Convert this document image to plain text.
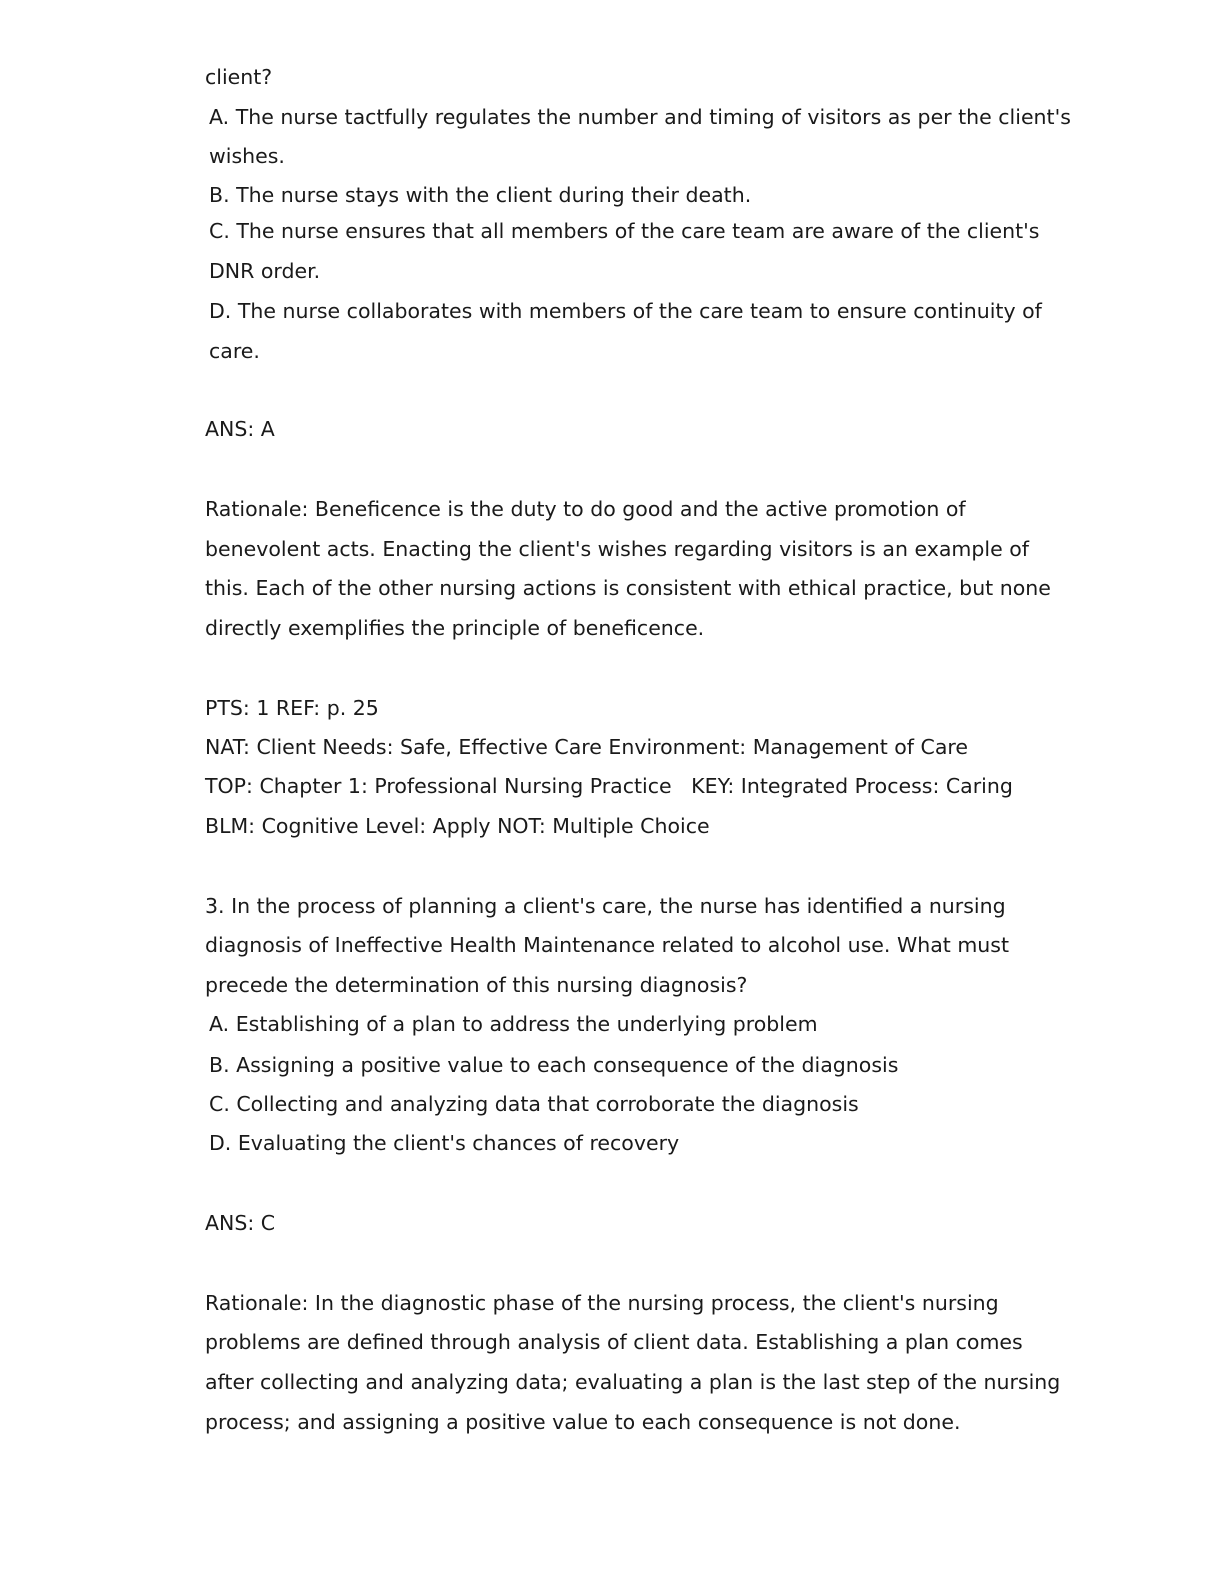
client?
A. The nurse tactfully regulates the number and timing of visitors as per the client's
wishes.
B. The nurse stays with the client during their death.
C. The nurse ensures that all members of the care team are aware of the client's
DNR order.
D. The nurse collaborates with members of the care team to ensure continuity of
care.
ANS: A
Rationale: Beneficence is the duty to do good and the active promotion of
benevolent acts. Enacting the client's wishes regarding visitors is an example of
this. Each of the other nursing actions is consistent with ethical practice, but none
directly exemplifies the principle of beneficence.
PTS: 1 REF: p. 25
NAT: Client Needs: Safe, Effective Care Environment: Management of Care
TOP: Chapter 1: Professional Nursing Practice   KEY: Integrated Process: Caring
BLM: Cognitive Level: Apply NOT: Multiple Choice
3. In the process of planning a client's care, the nurse has identified a nursing
diagnosis of Ineffective Health Maintenance related to alcohol use. What must
precede the determination of this nursing diagnosis?
A. Establishing of a plan to address the underlying problem
B. Assigning a positive value to each consequence of the diagnosis
C. Collecting and analyzing data that corroborate the diagnosis
D. Evaluating the client's chances of recovery
ANS: C
Rationale: In the diagnostic phase of the nursing process, the client's nursing
problems are defined through analysis of client data. Establishing a plan comes
after collecting and analyzing data; evaluating a plan is the last step of the nursing
process; and assigning a positive value to each consequence is not done.
